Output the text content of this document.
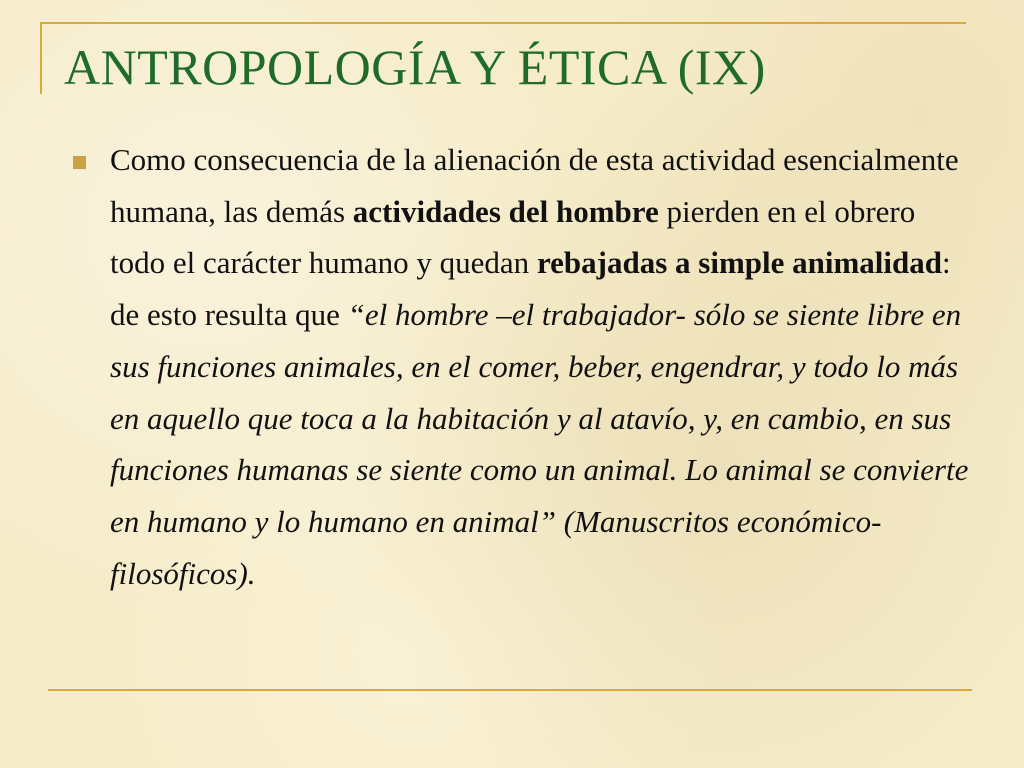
ANTROPOLOGÍA Y ÉTICA (IX)

Como consecuencia de la alienación de esta actividad esencialmente humana, las demás actividades del hombre pierden en el obrero todo el carácter humano y quedan rebajadas a simple animalidad: de esto resulta que “el hombre –el trabajador- sólo se siente libre en sus funciones animales, en el comer, beber, engendrar, y todo lo más en aquello que toca a la habitación y al atavío, y, en cambio, en sus funciones humanas se siente como un animal. Lo animal se convierte en humano y lo humano en animal” (Manuscritos económico-filosóficos).
